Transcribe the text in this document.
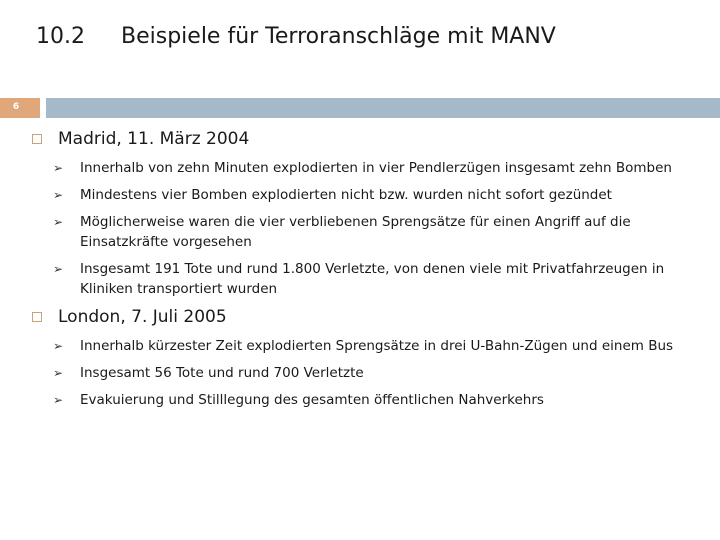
10.2 Beispiele für Terroranschläge mit MANV
6
Madrid, 11. März 2004
➢ Innerhalb von zehn Minuten explodierten in vier Pendlerzügen insgesamt zehn Bomben
➢ Mindestens vier Bomben explodierten nicht bzw. wurden nicht sofort gezündet
➢ Möglicherweise waren die vier verbliebenen Sprengsätze für einen Angriff auf die Einsatzkräfte vorgesehen
➢ Insgesamt 191 Tote und rund 1.800 Verletzte, von denen viele mit Privatfahrzeugen in Kliniken transportiert wurden
London, 7. Juli 2005
➢ Innerhalb kürzester Zeit explodierten Sprengsätze in drei U-Bahn-Zügen und einem Bus
➢ Insgesamt 56 Tote und rund 700 Verletzte
➢ Evakuierung und Stilllegung des gesamten öffentlichen Nahverkehrs
